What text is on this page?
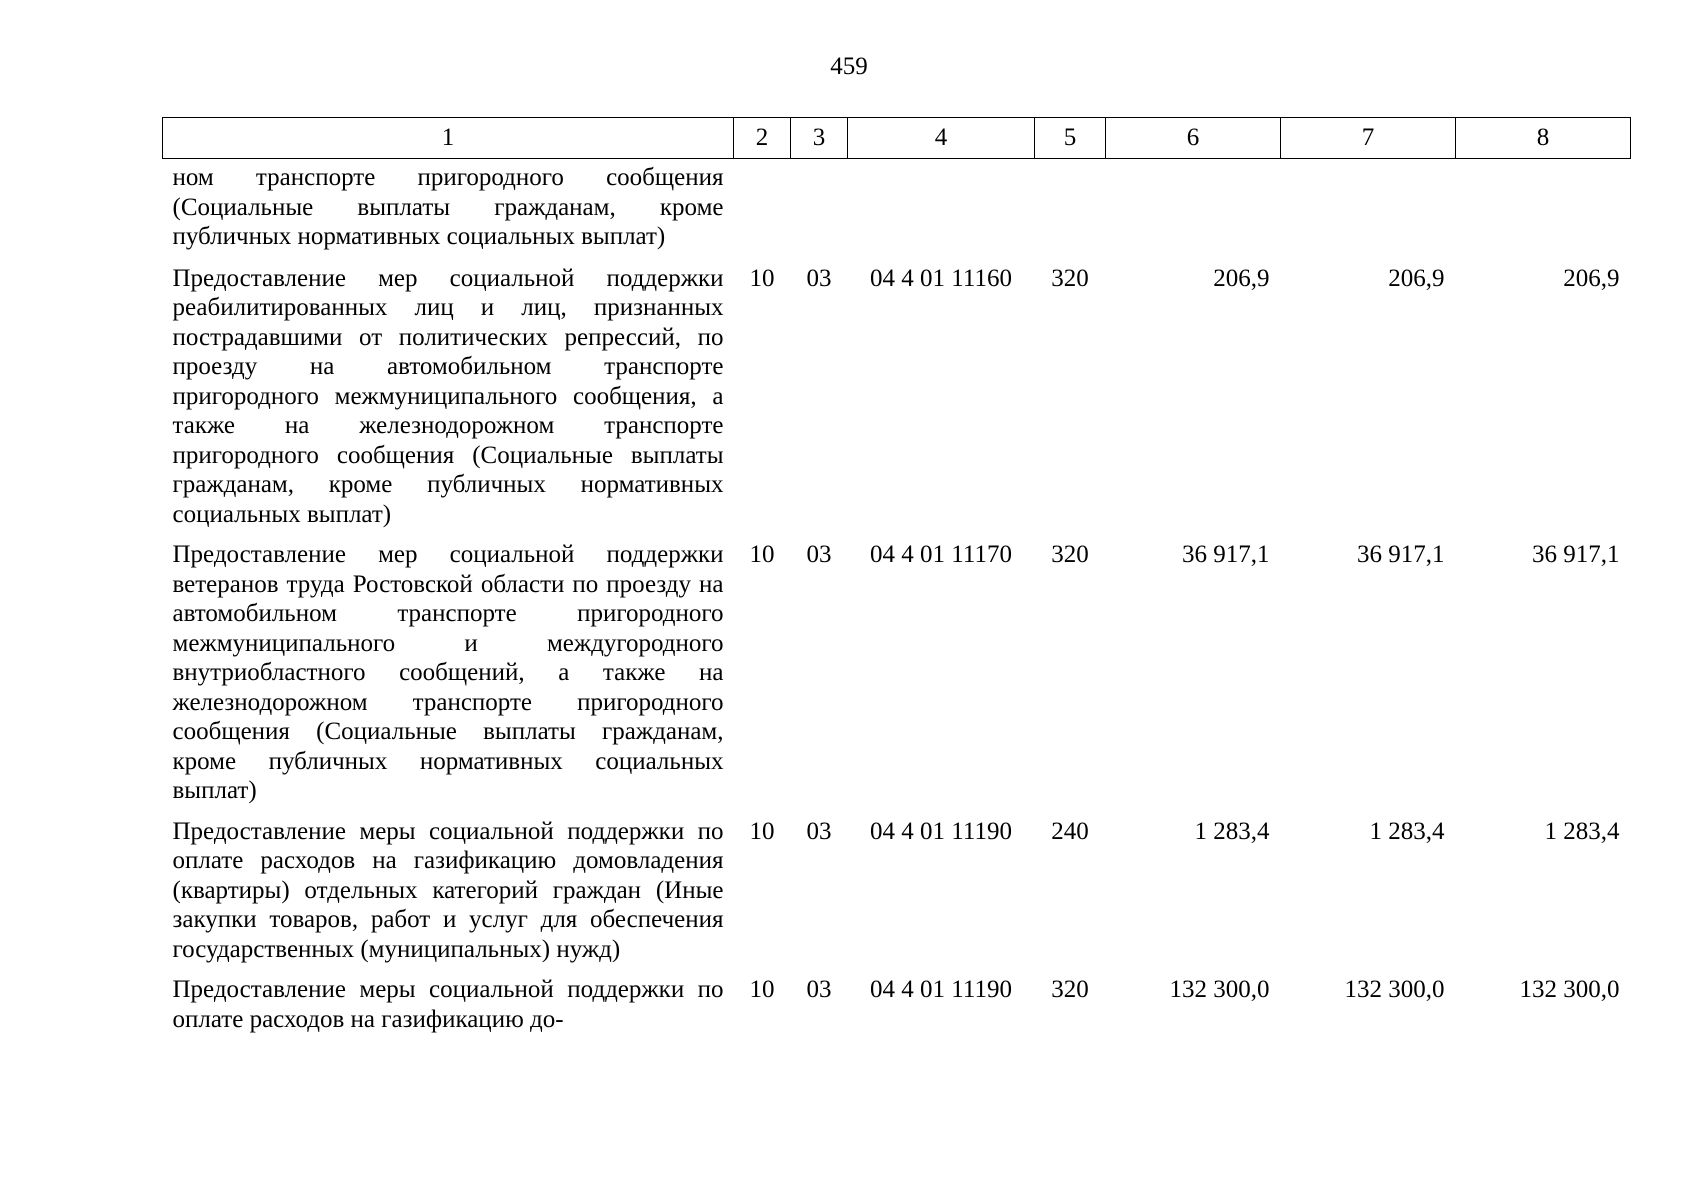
459
1	2	3	4	5	6	7	8
ном транспорте пригородного сообщения (Социальные выплаты гражданам, кроме публичных нормативных социальных выплат)							
Предоставление мер социальной поддержки реабилитированных лиц и лиц, признанных пострадавшими от политических репрессий, по проезду на автомобильном транспорте пригородного межмуниципального сообщения, а также на железнодорожном транспорте пригородного сообщения (Социальные выплаты гражданам, кроме публичных нормативных социальных выплат)	10	03	04 4 01 11160	320	206,9	206,9	206,9
Предоставление мер социальной поддержки ветеранов труда Ростовской области по проезду на автомобильном транспорте пригородного межмуниципального и междугородного внутриобластного сообщений, а также на железнодорожном транспорте пригородного сообщения (Социальные выплаты гражданам, кроме публичных нормативных социальных выплат)	10	03	04 4 01 11170	320	36 917,1	36 917,1	36 917,1
Предоставление меры социальной поддержки по оплате расходов на газификацию домовладения (квартиры) отдельных категорий граждан (Иные закупки товаров, работ и услуг для обеспечения государственных (муниципальных) нужд)	10	03	04 4 01 11190	240	1 283,4	1 283,4	1 283,4
Предоставление меры социальной поддержки по оплате расходов на газификацию до-	10	03	04 4 01 11190	320	132 300,0	132 300,0	132 300,0
